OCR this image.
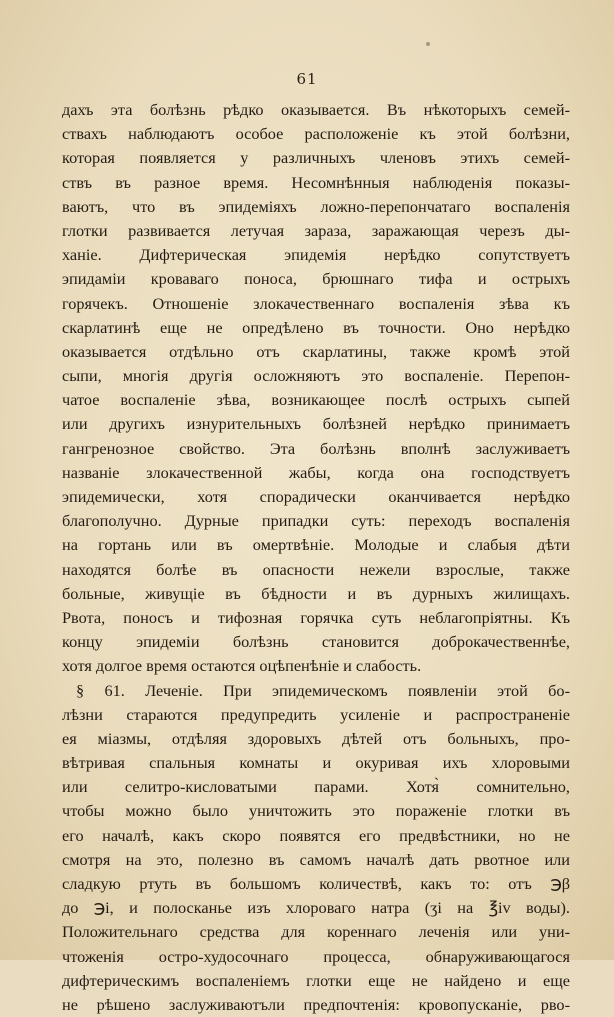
61
дахъ эта болѣзнь рѣдко оказывается. Въ нѣкоторыхъ семей-
ствахъ наблюдаютъ особое расположеніе къ этой болѣзни,
которая появляется у различныхъ членовъ этихъ семей-
ствъ въ разное время. Несомнѣнныя наблюденія показы-
ваютъ, что въ эпидеміяхъ ложно-перепончатаго воспаленія
глотки развивается летучая зараза, заражающая черезъ ды-
ханіе. Дифтерическая эпидемія нерѣдко сопутствуетъ
эпидаміи кроваваго поноса, брюшнаго тифа и острыхъ
горячекъ. Отношеніе злокачественнаго воспаленія зѣва къ
скарлатинѣ еще не опредѣлено въ точности. Оно нерѣдко
оказывается отдѣльно отъ скарлатины, также кромѣ этой
сыпи, многія другія осложняютъ это воспаленіе. Перепон-
чатое воспаленіе зѣва, возникающее послѣ острыхъ сыпей
или другихъ изнурительныхъ болѣзней нерѣдко принимаетъ
гангренозное свойство. Эта болѣзнь вполнѣ заслуживаетъ
названіе злокачественной жабы, когда она господствуетъ
эпидемически, хотя спорадически оканчивается нерѣдко
благополучно. Дурные припадки суть: переходъ воспаленія
на гортань или въ омертвѣніе. Молодые и слабыя дѣти
находятся болѣе въ опасности нежели взрослые, также
больные, живущіе въ бѣдности и въ дурныхъ жилищахъ.
Рвота, поносъ и тифозная горячка суть неблагопріятны. Къ
концу эпидеміи болѣзнь становится доброкачественнѣе,
хотя долгое время остаются оцѣпенѣніе и слабость.
§ 61. Леченіе. При эпидемическомъ появленіи этой бо-
лѣзни стараются предупредить усиленіе и распространеніе
ея міазмы, отдѣляя здоровыхъ дѣтей отъ больныхъ, про-
вѣтривая спальныя комнаты и окуривая ихъ хлоровыми
или селитро-кисловатыми парами. Хотя̀ сомнительно,
чтобы можно было уничтожить это пораженіе глотки въ
его началѣ, какъ скоро появятся его предвѣстники, но не
смотря на это, полезно въ самомъ началѣ дать рвотное или
сладкую ртуть въ большомъ количествѣ, какъ то: отъ ℈β
до ℈i, и полосканье изъ хлороваго натра (ʒi на ℥iv воды).
Положительнаго средства для кореннаго леченія или уни-
чтоженія остро-худосочнаго процесса, обнаруживающагося
дифтерическимъ воспаленіемъ глотки еще не найдено и еще
не рѣшено заслуживаютъли предпочтенія: кровопусканіе, рво-
